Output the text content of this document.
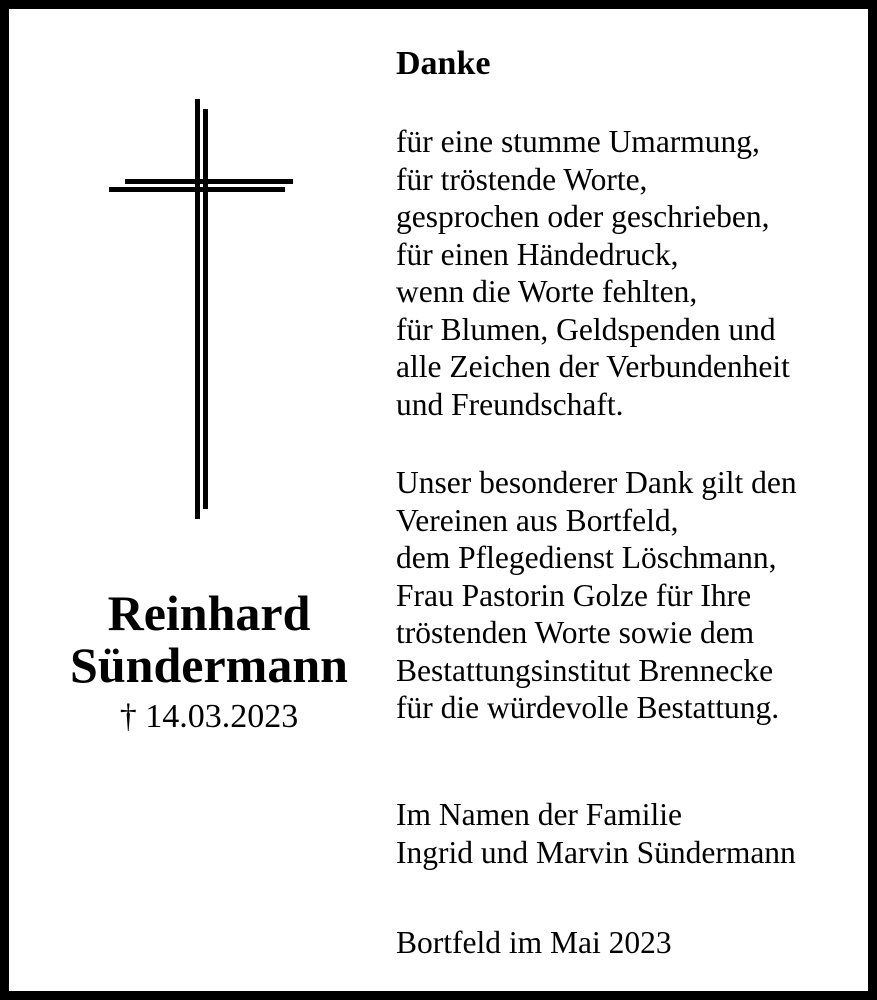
Reinhard
Sündermann
† 14.03.2023
Danke
für eine stumme Umarmung,
für tröstende Worte,
gesprochen oder geschrieben,
für einen Händedruck,
wenn die Worte fehlten,
für Blumen, Geldspenden und
alle Zeichen der Verbundenheit
und Freundschaft.
Unser besonderer Dank gilt den
Vereinen aus Bortfeld,
dem Pflegedienst Löschmann,
Frau Pastorin Golze für Ihre
tröstenden Worte sowie dem
Bestattungsinstitut Brennecke
für die würdevolle Bestattung.
Im Namen der Familie
Ingrid und Marvin Sündermann
Bortfeld im Mai 2023
